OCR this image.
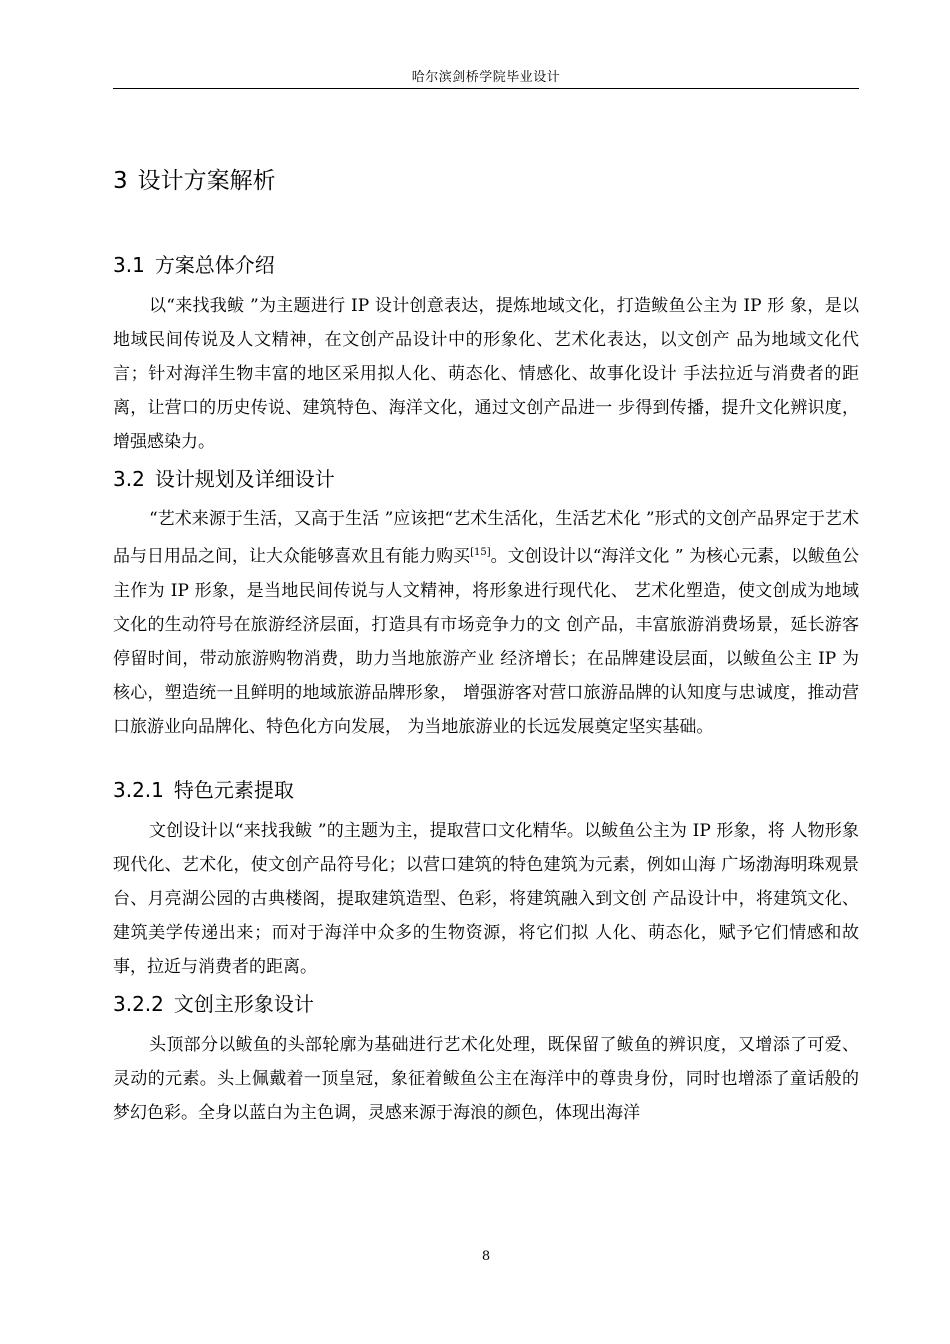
哈尔滨剑桥学院毕业设计
3 设计方案解析
3.1 方案总体介绍
以“来找我鲅 ”为主题进行 IP 设计创意表达，提炼地域文化，打造鲅鱼公主为 IP 形 象，是以地域民间传说及人文精神，在文创产品设计中的形象化、艺术化表达，以文创产 品为地域文化代言；针对海洋生物丰富的地区采用拟人化、萌态化、情感化、故事化设计 手法拉近与消费者的距离，让营口的历史传说、建筑特色、海洋文化，通过文创产品进一 步得到传播，提升文化辨识度，增强感染力。
3.2 设计规划及详细设计
“艺术来源于生活，又高于生活 ”应该把“艺术生活化，生活艺术化 ”形式的文创产品界定于艺术品与日用品之间，让大众能够喜欢且有能力购买[15]。文创设计以“海洋文化 ” 为核心元素，以鲅鱼公主作为 IP 形象，是当地民间传说与人文精神，将形象进行现代化、 艺术化塑造，使文创成为地域文化的生动符号在旅游经济层面，打造具有市场竞争力的文 创产品，丰富旅游消费场景，延长游客停留时间，带动旅游购物消费，助力当地旅游产业 经济增长；在品牌建设层面，以鲅鱼公主 IP 为核心，塑造统一且鲜明的地域旅游品牌形象， 增强游客对营口旅游品牌的认知度与忠诚度，推动营口旅游业向品牌化、特色化方向发展， 为当地旅游业的长远发展奠定坚实基础。
3.2.1 特色元素提取
文创设计以“来找我鲅 ”的主题为主，提取营口文化精华。以鲅鱼公主为 IP 形象，将 人物形象现代化、艺术化，使文创产品符号化；以营口建筑的特色建筑为元素，例如山海 广场渤海明珠观景台、月亮湖公园的古典楼阁，提取建筑造型、色彩，将建筑融入到文创 产品设计中，将建筑文化、建筑美学传递出来；而对于海洋中众多的生物资源，将它们拟 人化、萌态化，赋予它们情感和故事，拉近与消费者的距离。
3.2.2 文创主形象设计
头顶部分以鲅鱼的头部轮廓为基础进行艺术化处理，既保留了鲅鱼的辨识度，又增添了可爱、灵动的元素。头上佩戴着一顶皇冠，象征着鲅鱼公主在海洋中的尊贵身份，同时也增添了童话般的梦幻色彩。全身以蓝白为主色调，灵感来源于海浪的颜色，体现出海洋
8
